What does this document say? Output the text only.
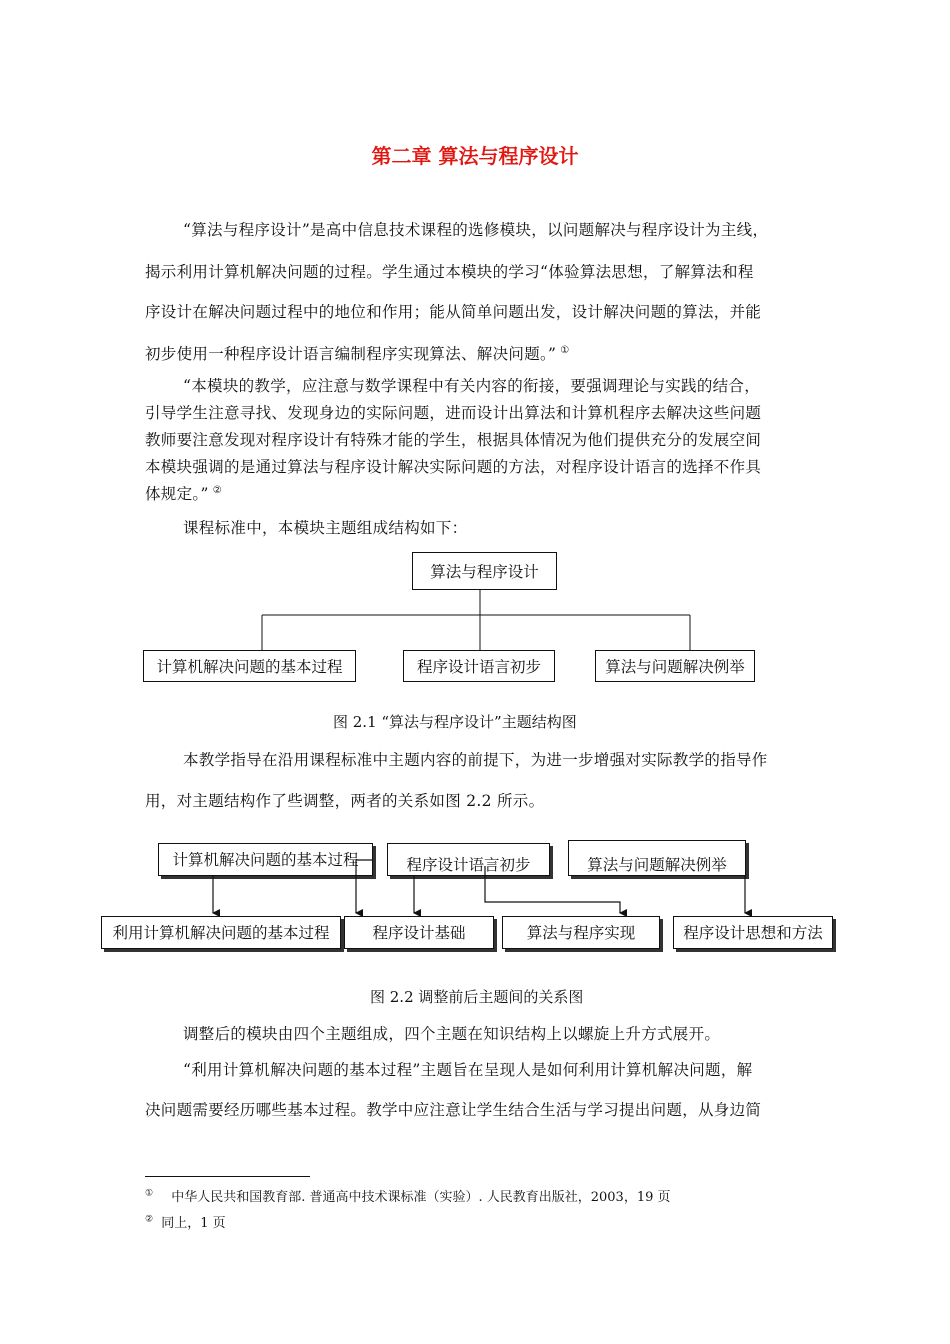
第二章 算法与程序设计
“算法与程序设计”是高中信息技术课程的选修模块，以问题解决与程序设计为主线，
揭示利用计算机解决问题的过程。学生通过本模块的学习“体验算法思想，了解算法和程
序设计在解决问题过程中的地位和作用；能从简单问题出发，设计解决问题的算法，并能
初步使用一种程序设计语言编制程序实现算法、解决问题。” ①
“本模块的教学，应注意与数学课程中有关内容的衔接，要强调理论与实践的结合，
引导学生注意寻找、发现身边的实际问题，进而设计出算法和计算机程序去解决这些问题
教师要注意发现对程序设计有特殊才能的学生，根据具体情况为他们提供充分的发展空间
本模块强调的是通过算法与程序设计解决实际问题的方法，对程序设计语言的选择不作具
体规定。” ②
课程标准中，本模块主题组成结构如下：
算法与程序设计
计算机解决问题的基本过程	程序设计语言初步	算法与问题解决例举
图 2.1 “算法与程序设计”主题结构图
本教学指导在沿用课程标准中主题内容的前提下，为进一步增强对实际教学的指导作
用，对主题结构作了些调整，两者的关系如图 2.2 所示。
计算机解决问题的基本过程	程序设计语言初步	算法与问题解决例举
利用计算机解决问题的基本过程	程序设计基础	算法与程序实现	程序设计思想和方法
图 2.2 调整前后主题间的关系图
调整后的模块由四个主题组成，四个主题在知识结构上以螺旋上升方式展开。
“利用计算机解决问题的基本过程”主题旨在呈现人是如何利用计算机解决问题，解
决问题需要经历哪些基本过程。教学中应注意让学生结合生活与学习提出问题，从身边简
① 中华人民共和国教育部. 普通高中技术课标准（实验）. 人民教育出版社，2003，19 页
② 同上，1 页
